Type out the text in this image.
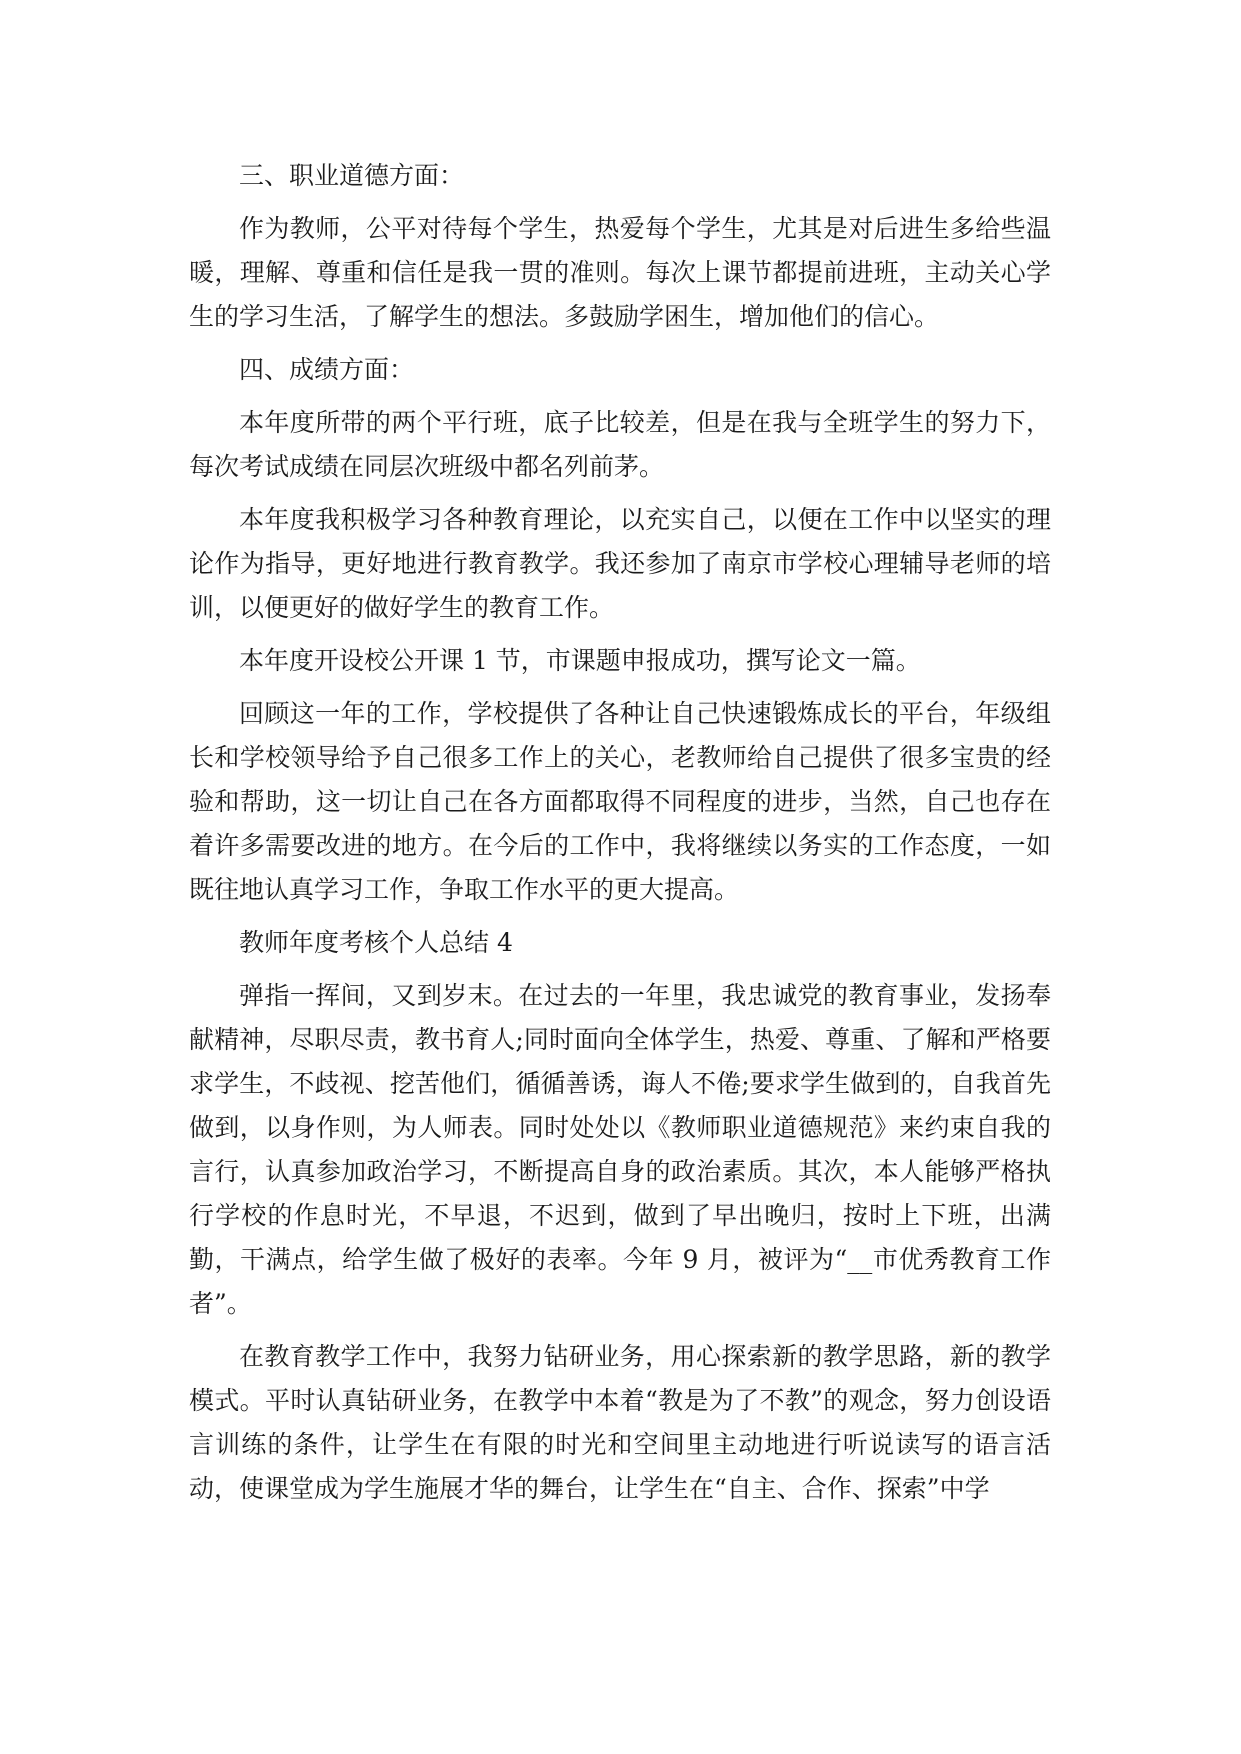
三、职业道德方面：

作为教师，公平对待每个学生，热爱每个学生，尤其是对后进生多给些温暖，理解、尊重和信任是我一贯的准则。每次上课节都提前进班，主动关心学生的学习生活，了解学生的想法。多鼓励学困生，增加他们的信心。

四、成绩方面：

本年度所带的两个平行班，底子比较差，但是在我与全班学生的努力下，每次考试成绩在同层次班级中都名列前茅。

本年度我积极学习各种教育理论，以充实自己，以便在工作中以坚实的理论作为指导，更好地进行教育教学。我还参加了南京市学校心理辅导老师的培训，以便更好的做好学生的教育工作。

本年度开设校公开课 1 节，市课题申报成功，撰写论文一篇。

回顾这一年的工作，学校提供了各种让自己快速锻炼成长的平台，年级组长和学校领导给予自己很多工作上的关心，老教师给自己提供了很多宝贵的经验和帮助，这一切让自己在各方面都取得不同程度的进步，当然，自己也存在着许多需要改进的地方。在今后的工作中，我将继续以务实的工作态度，一如既往地认真学习工作，争取工作水平的更大提高。

教师年度考核个人总结 4

弹指一挥间，又到岁末。在过去的一年里，我忠诚党的教育事业，发扬奉献精神，尽职尽责，教书育人;同时面向全体学生，热爱、尊重、了解和严格要求学生，不歧视、挖苦他们，循循善诱，诲人不倦;要求学生做到的，自我首先做到，以身作则，为人师表。同时处处以《教师职业道德规范》来约束自我的言行，认真参加政治学习，不断提高自身的政治素质。其次，本人能够严格执行学校的作息时光，不早退，不迟到，做到了早出晚归，按时上下班，出满勤，干满点，给学生做了极好的表率。今年 9 月，被评为“__市优秀教育工作者”。

在教育教学工作中，我努力钻研业务，用心探索新的教学思路，新的教学模式。平时认真钻研业务，在教学中本着“教是为了不教”的观念，努力创设语言训练的条件，让学生在有限的时光和空间里主动地进行听说读写的语言活动，使课堂成为学生施展才华的舞台，让学生在“自主、合作、探索”中学
